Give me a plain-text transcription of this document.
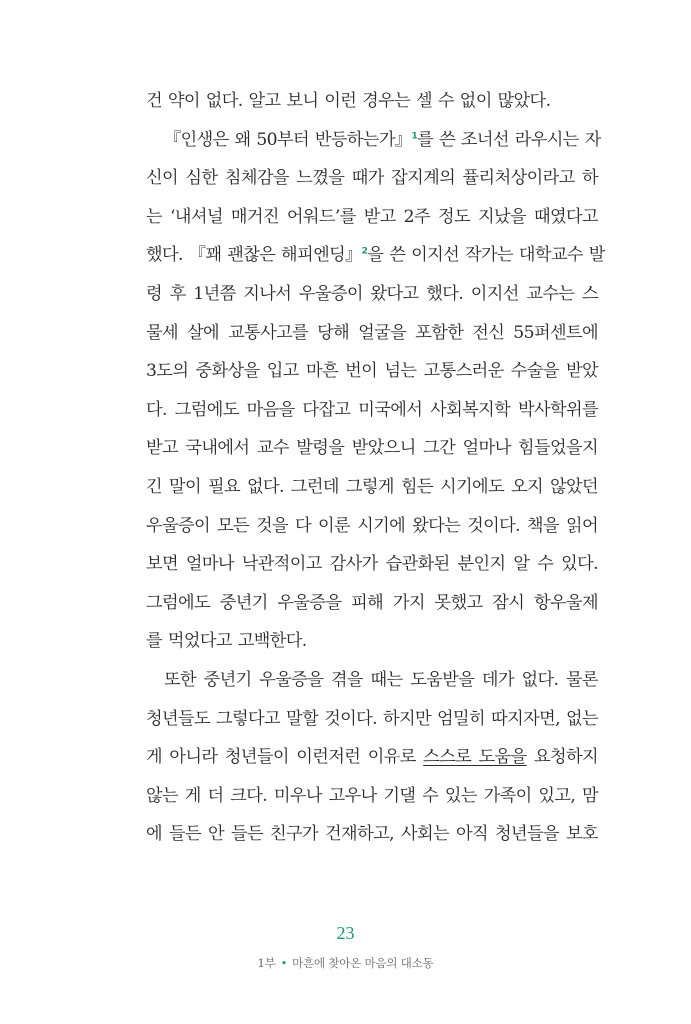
건 약이 없다. 알고 보니 이런 경우는 셀 수 없이 많았다.
『인생은 왜 50부터 반등하는가』$^1$를 쓴 조너선 라우시는 자
신이 심한 침체감을 느꼈을 때가 잡지계의 퓰리처상이라고 하
는 ‘내셔널 매거진 어워드’를 받고 2주 정도 지났을 때였다고
했다. 『꽤 괜찮은 해피엔딩』$^2$을 쓴 이지선 작가는 대학교수 발
령 후 1년쯤 지나서 우울증이 왔다고 했다. 이지선 교수는 스
물세 살에 교통사고를 당해 얼굴을 포함한 전신 55퍼센트에
3도의 중화상을 입고 마흔 번이 넘는 고통스러운 수술을 받았
다. 그럼에도 마음을 다잡고 미국에서 사회복지학 박사학위를
받고 국내에서 교수 발령을 받았으니 그간 얼마나 힘들었을지
긴 말이 필요 없다. 그런데 그렇게 힘든 시기에도 오지 않았던
우울증이 모든 것을 다 이룬 시기에 왔다는 것이다. 책을 읽어
보면 얼마나 낙관적이고 감사가 습관화된 분인지 알 수 있다.
그럼에도 중년기 우울증을 피해 가지 못했고 잠시 항우울제
를 먹었다고 고백한다.
또한 중년기 우울증을 겪을 때는 도움받을 데가 없다. 물론
청년들도 그렇다고 말할 것이다. 하지만 엄밀히 따지자면, 없는
게 아니라 청년들이 이런저런 이유로 스스로 도움을 요청하지
않는 게 더 크다. 미우나 고우나 기댈 수 있는 가족이 있고, 맘
에 들든 안 들든 친구가 건재하고, 사회는 아직 청년들을 보호
23
1부 • 마흔에 찾아온 마음의 대소동
